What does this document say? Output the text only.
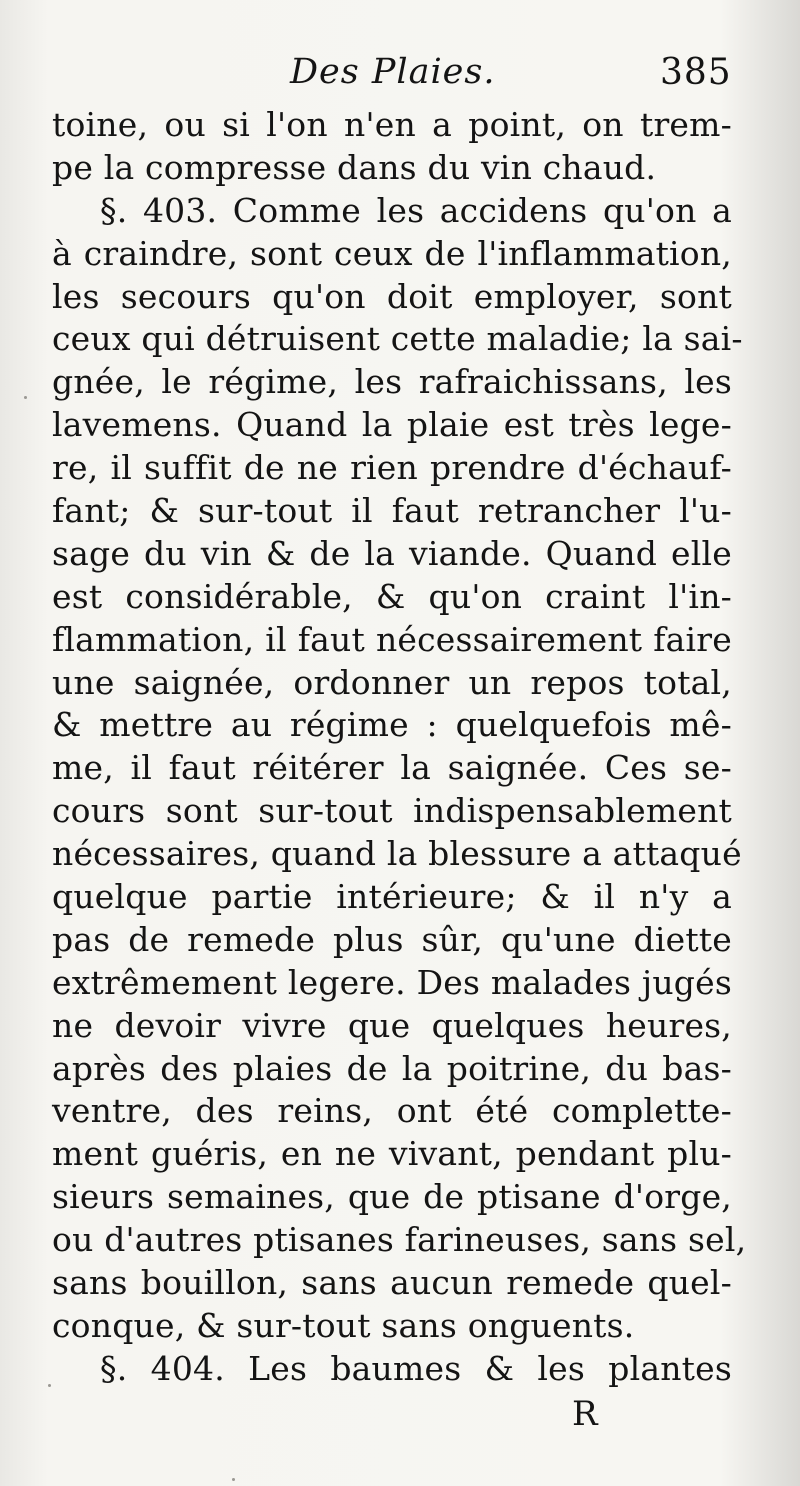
Des Plaies.	385
toine, ou si l'on n'en a point, on trem-
pe la compresse dans du vin chaud.
§. 403. Comme les accidens qu'on a
à craindre, sont ceux de l'inflammation,
les secours qu'on doit employer, sont
ceux qui détruisent cette maladie; la sai-
gnée, le régime, les rafraichissans, les
lavemens. Quand la plaie est très lege-
re, il suffit de ne rien prendre d'échauf-
fant; & sur-tout il faut retrancher l'u-
sage du vin & de la viande. Quand elle
est considérable, & qu'on craint l'in-
flammation, il faut nécessairement faire
une saignée, ordonner un repos total,
& mettre au régime : quelquefois mê-
me, il faut réitérer la saignée. Ces se-
cours sont sur-tout indispensablement
nécessaires, quand la blessure a attaqué
quelque partie intérieure; & il n'y a
pas de remede plus sûr, qu'une diette
extrêmement legere. Des malades jugés
ne devoir vivre que quelques heures,
après des plaies de la poitrine, du bas-
ventre, des reins, ont été complette-
ment guéris, en ne vivant, pendant plu-
sieurs semaines, que de ptisane d'orge,
ou d'autres ptisanes farineuses, sans sel,
sans bouillon, sans aucun remede quel-
conque, & sur-tout sans onguents.
§. 404. Les baumes & les plantes
R
